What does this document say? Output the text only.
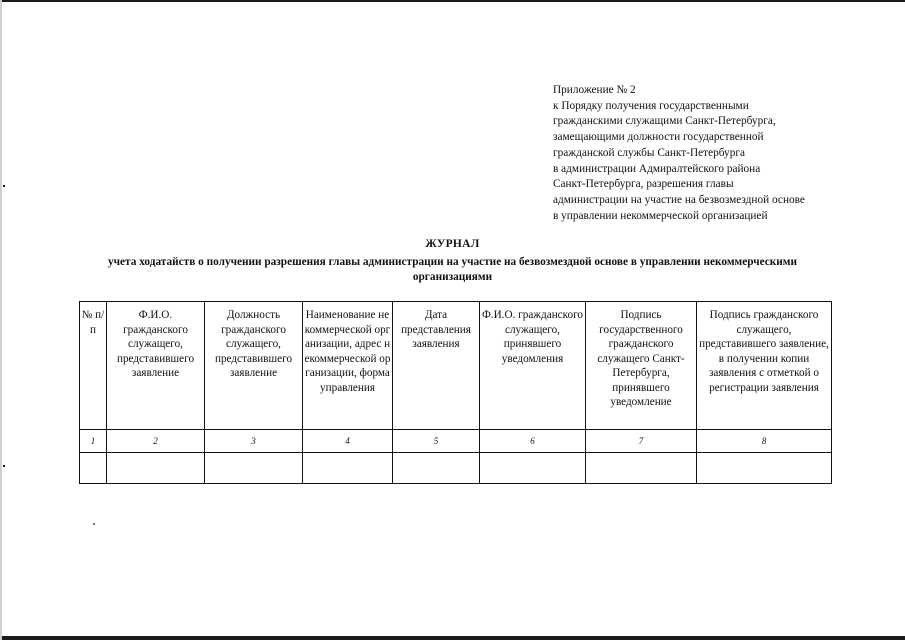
Приложение № 2
к Порядку получения государственными
гражданскими служащими Санкт-Петербурга,
замещающими должности государственной
гражданской службы Санкт-Петербурга
в администрации Адмиралтейского района
Санкт-Петербурга, разрешения главы
администрации на участие на безвозмездной основе
в управлении некоммерческой организацией
ЖУРНАЛ
учета ходатайств о получении разрешения главы администрации на участие на безвозмездной основе в управлении некоммерческими организациями
№ п/п	Ф.И.О. гражданского служащего, представившего заявление	Должность гражданского служащего, представившего заявление	Наименование некоммерческой организации, адрес некоммерческой организации, форма управления	Дата представления заявления	Ф.И.О. гражданского служащего, принявшего уведомления	Подпись государственного гражданского служащего Санкт-Петербурга, принявшего уведомление	Подпись гражданского служащего, представившего заявление, в получении копии заявления с отметкой о регистрации заявления

1	2	3	4	5	6	7	8
